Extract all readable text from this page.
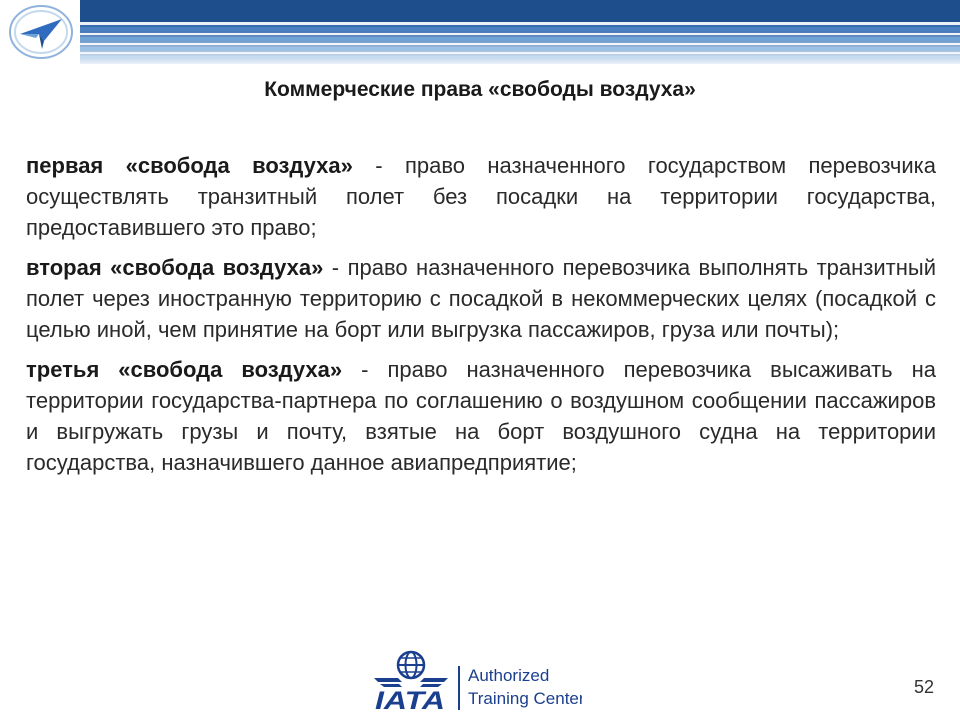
Коммерческие права «свободы воздуха»

первая «свобода воздуха» - право назначенного государством перевозчика осуществлять транзитный полет без посадки на территории государства, предоставившего это право;

вторая «свобода воздуха» - право назначенного перевозчика выполнять транзитный полет через иностранную территорию с посадкой в некоммерческих целях (посадкой с целью иной, чем принятие на борт или выгрузка пассажиров, груза или почты);

третья «свобода воздуха» - право назначенного перевозчика высаживать на территории государства-партнера по соглашению о воздушном сообщении пассажиров и выгружать грузы и почту, взятые на борт воздушного судна на территории государства, назначившего данное авиапредприятие;

IATA
Authorized
Training Center
52
